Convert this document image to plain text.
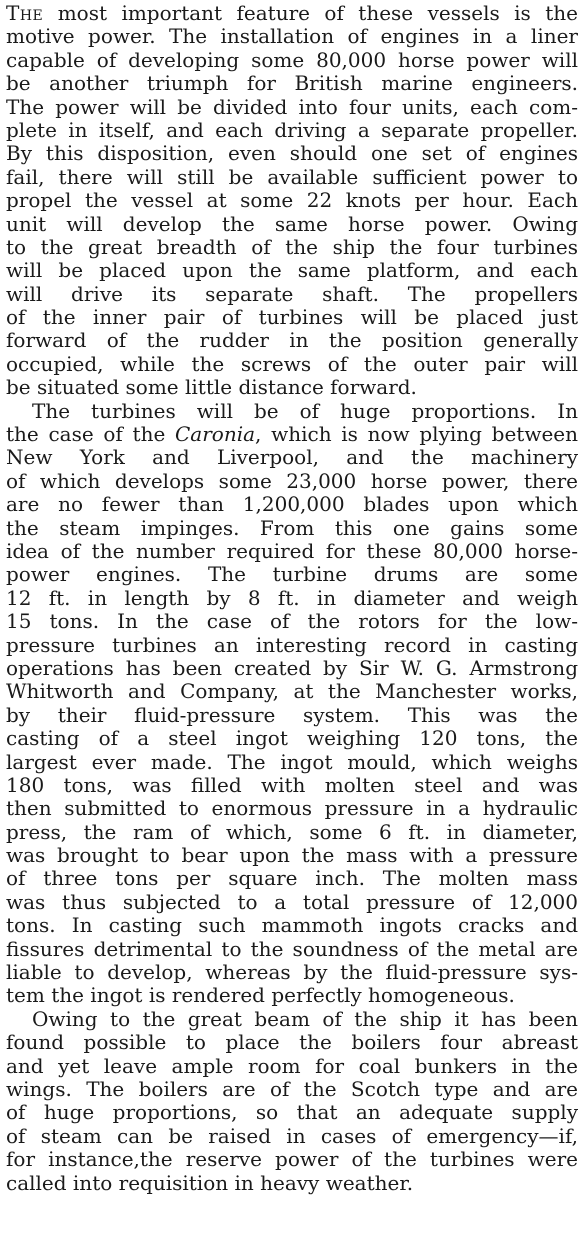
The most important feature of these vessels is the
motive power. The installation of engines in a liner
capable of developing some 80,000 horse power will
be another triumph for British marine engineers.
The power will be divided into four units, each com-
plete in itself, and each driving a separate propeller.
By this disposition, even should one set of engines
fail, there will still be available sufficient power to
propel the vessel at some 22 knots per hour. Each
unit will develop the same horse power. Owing
to the great breadth of the ship the four turbines
will be placed upon the same platform, and each
will drive its separate shaft. The propellers
of the inner pair of turbines will be placed just
forward of the rudder in the position generally
occupied, while the screws of the outer pair will
be situated some little distance forward.
The turbines will be of huge proportions. In
the case of the Caronia, which is now plying between
New York and Liverpool, and the machinery
of which develops some 23,000 horse power, there
are no fewer than 1,200,000 blades upon which
the steam impinges. From this one gains some
idea of the number required for these 80,000 horse-
power engines. The turbine drums are some
12 ft. in length by 8 ft. in diameter and weigh
15 tons. In the case of the rotors for the low-
pressure turbines an interesting record in casting
operations has been created by Sir W. G. Armstrong
Whitworth and Company, at the Manchester works,
by their fluid-pressure system. This was the
casting of a steel ingot weighing 120 tons, the
largest ever made. The ingot mould, which weighs
180 tons, was filled with molten steel and was
then submitted to enormous pressure in a hydraulic
press, the ram of which, some 6 ft. in diameter,
was brought to bear upon the mass with a pressure
of three tons per square inch. The molten mass
was thus subjected to a total pressure of 12,000
tons. In casting such mammoth ingots cracks and
fissures detrimental to the soundness of the metal are
liable to develop, whereas by the fluid-pressure sys-
tem the ingot is rendered perfectly homogeneous.
Owing to the great beam of the ship it has been
found possible to place the boilers four abreast
and yet leave ample room for coal bunkers in the
wings. The boilers are of the Scotch type and are
of huge proportions, so that an adequate supply
of steam can be raised in cases of emergency—if,
for instance,the reserve power of the turbines were
called into requisition in heavy weather.
